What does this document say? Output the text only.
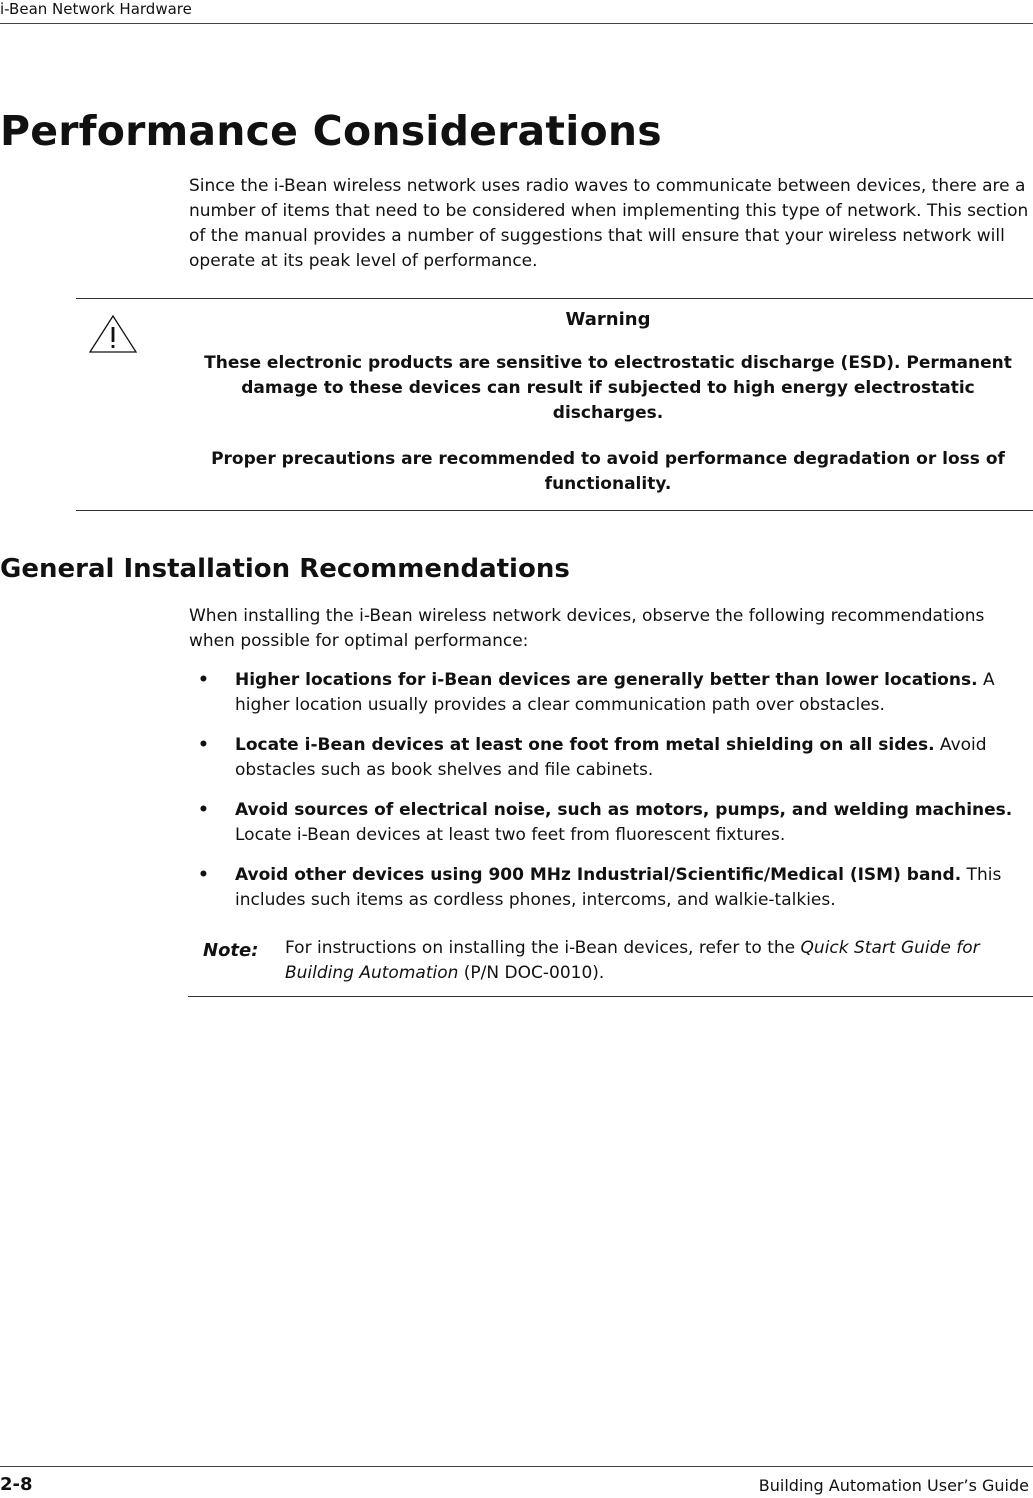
i-Bean Network Hardware
Performance Considerations

Since the i-Bean wireless network uses radio waves to communicate between devices, there are a number of items that need to be considered when implementing this type of network. This section of the manual provides a number of suggestions that will ensure that your wireless network will operate at its peak level of performance.

Warning

These electronic products are sensitive to electrostatic discharge (ESD). Permanent damage to these devices can result if subjected to high energy electrostatic discharges.

Proper precautions are recommended to avoid performance degradation or loss of functionality.

General Installation Recommendations

When installing the i-Bean wireless network devices, observe the following recommendations when possible for optimal performance:

• Higher locations for i-Bean devices are generally better than lower locations. A higher location usually provides a clear communication path over obstacles.
• Locate i-Bean devices at least one foot from metal shielding on all sides. Avoid obstacles such as book shelves and file cabinets.
• Avoid sources of electrical noise, such as motors, pumps, and welding machines. Locate i-Bean devices at least two feet from fluorescent fixtures.
• Avoid other devices using 900 MHz Industrial/Scientific/Medical (ISM) band. This includes such items as cordless phones, intercoms, and walkie-talkies.
Note: For instructions on installing the i-Bean devices, refer to the Quick Start Guide for Building Automation (P/N DOC-0010).
2-8	Building Automation User’s Guide
